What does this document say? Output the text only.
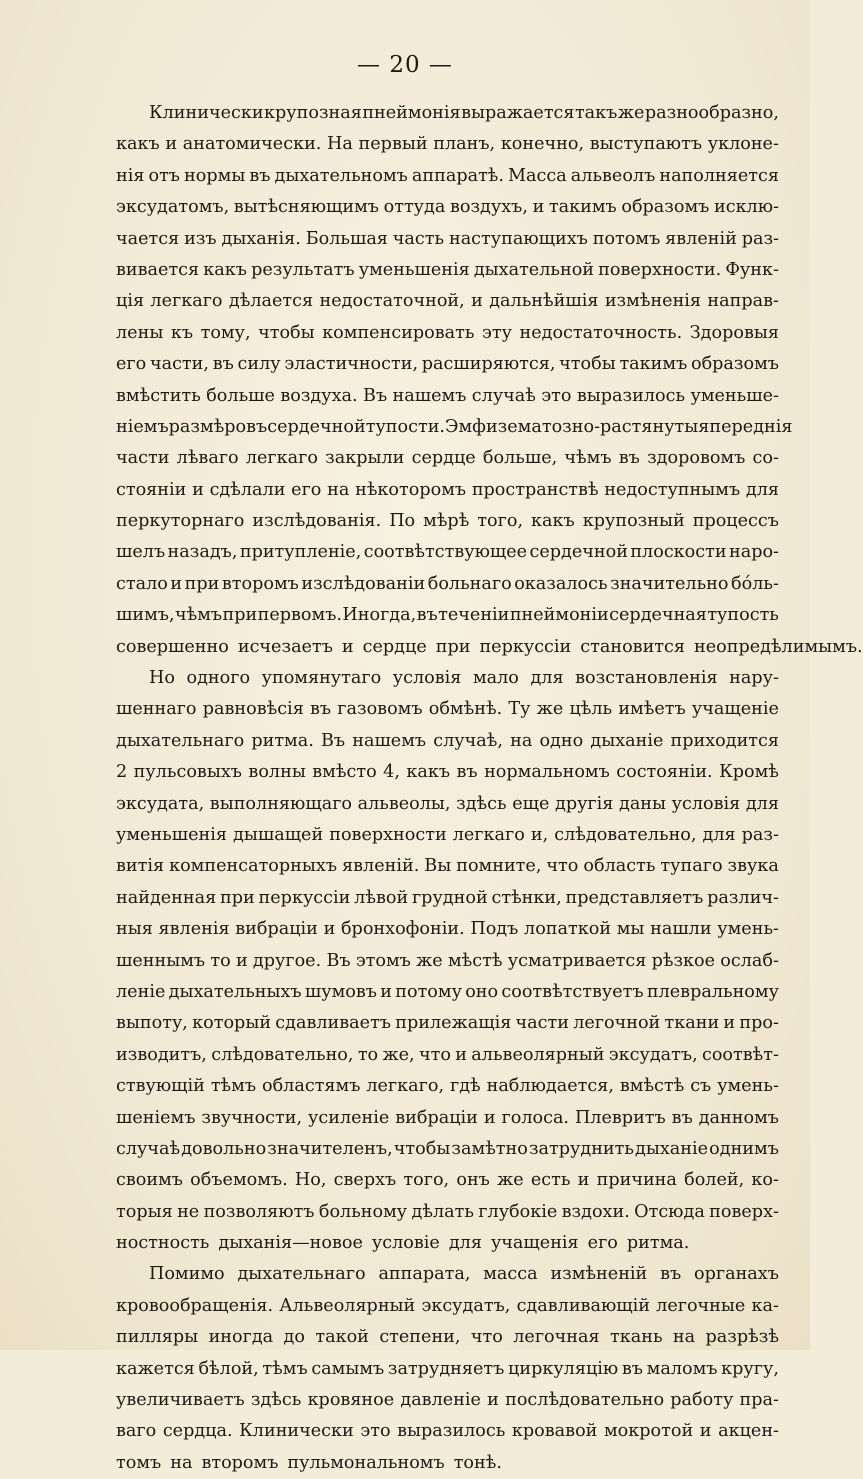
— 20 —
Клинически крупозная пнеймонія выражается такъ же разнообразно,
какъ и анатомически. На первый планъ, конечно, выступаютъ уклоне-
нія отъ нормы въ дыхательномъ аппаратѣ. Масса альвеолъ наполняется
эксудатомъ, вытѣсняющимъ оттуда воздухъ, и такимъ образомъ исклю-
чается изъ дыханія. Большая часть наступающихъ потомъ явленій раз-
вивается какъ результатъ уменьшенія дыхательной поверхности. Функ-
ція легкаго дѣлается недостаточной, и дальнѣйшія измѣненія направ-
лены къ тому, чтобы компенсировать эту недостаточность. Здоровыя
его части, въ силу эластичности, расширяются, чтобы такимъ образомъ
вмѣстить больше воздуха. Въ нашемъ случаѣ это выразилось уменьше-
ніемъ размѣровъ сердечной тупости. Эмфизематозно-растянутыя переднія
части лѣваго легкаго закрыли сердце больше, чѣмъ въ здоровомъ со-
стояніи и сдѣлали его на нѣкоторомъ пространствѣ недоступнымъ для
перкуторнаго изслѣдованія. По мѣрѣ того, какъ крупозный процессъ
шелъ назадъ, притупленіе, соотвѣтствующее сердечной плоскости наро-
стало и при второмъ изслѣдованіи больнаго оказалось значительно бо́ль-
шимъ, чѣмъ при первомъ. Иногда, въ теченіи пнеймоніи сердечная тупость
совершенно исчезаетъ и сердце при перкуссіи становится неопредѣлимымъ.
Но одного упомянутаго условія мало для возстановленія нару-
шеннаго равновѣсія въ газовомъ обмѣнѣ. Ту же цѣль имѣетъ учащеніе
дыхательнаго ритма. Въ нашемъ случаѣ, на одно дыханіе приходится
2 пульсовыхъ волны вмѣсто 4, какъ въ нормальномъ состояніи. Кромѣ
эксудата, выполняющаго альвеолы, здѣсь еще другія даны условія для
уменьшенія дышащей поверхности легкаго и, слѣдовательно, для раз-
витія компенсаторныхъ явленій. Вы помните, что область тупаго звука
найденная при перкуссіи лѣвой грудной стѣнки, представляетъ различ-
ныя явленія вибраціи и бронхофоніи. Подъ лопаткой мы нашли умень-
шеннымъ то и другое. Въ этомъ же мѣстѣ усматривается рѣзкое ослаб-
леніе дыхательныхъ шумовъ и потому оно соотвѣтствуетъ плевральному
выпоту, который сдавливаетъ прилежащія части легочной ткани и про-
изводитъ, слѣдовательно, то же, что и альвеолярный эксудатъ, соотвѣт-
ствующій тѣмъ областямъ легкаго, гдѣ наблюдается, вмѣстѣ съ умень-
шеніемъ звучности, усиленіе вибраціи и голоса. Плевритъ въ данномъ
случаѣ довольно значителенъ, чтобы замѣтно затруднить дыханіе однимъ
своимъ объемомъ. Но, сверхъ того, онъ же есть и причина болей, ко-
торыя не позволяютъ больному дѣлать глубокіе вздохи. Отсюда поверх-
ностность дыханія—новое условіе для учащенія его ритма.
Помимо дыхательнаго аппарата, масса измѣненій въ органахъ
кровообращенія. Альвеолярный эксудатъ, сдавливающій легочные ка-
пилляры иногда до такой степени, что легочная ткань на разрѣзѣ
кажется бѣлой, тѣмъ самымъ затрудняетъ циркуляцію въ маломъ кругу,
увеличиваетъ здѣсь кровяное давленіе и послѣдовательно работу пра-
ваго сердца. Клинически это выразилось кровавой мокротой и акцен-
томъ на второмъ пульмональномъ тонѣ.
